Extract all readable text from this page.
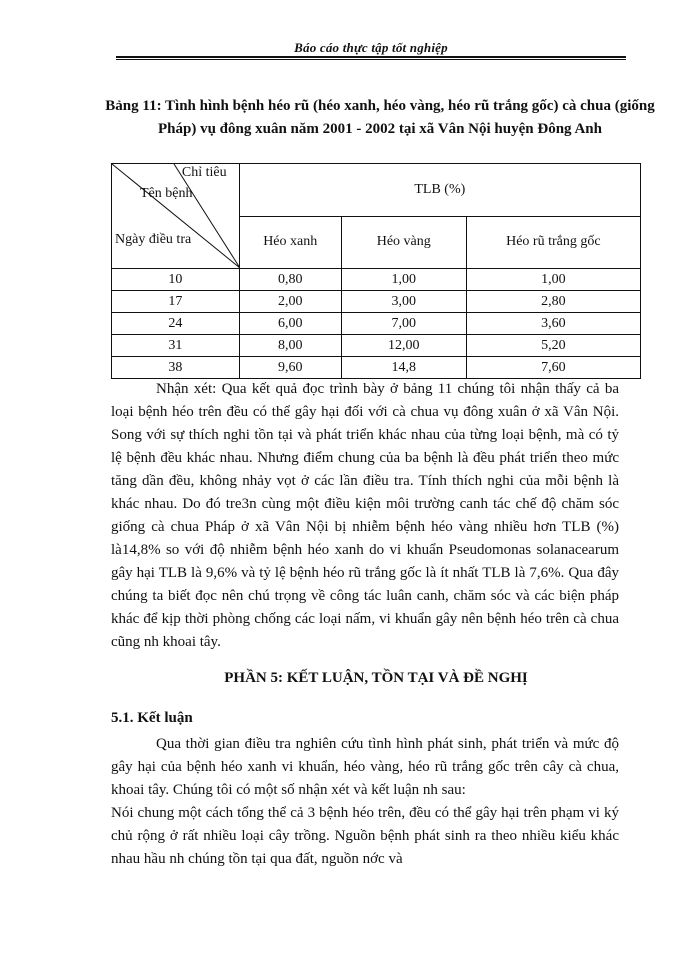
Báo cáo thực tập tốt nghiệp
Bảng 11: Tình hình bệnh héo rũ (héo xanh, héo vàng, héo rũ trắng gốc) cà chua (giống Pháp) vụ đông xuân năm 2001 - 2002 tại xã Vân Nội huyện Đông Anh
Chỉ tiêu
Tên bệnh
Ngày điều tra	TLB (%)		
	Héo xanh	Héo vàng	Héo rũ trắng gốc
10	0,80	1,00	1,00
17	2,00	3,00	2,80
24	6,00	7,00	3,60
31	8,00	12,00	5,20
38	9,60	14,8	7,60

Nhận xét: Qua kết quả đọc trình bày ở bảng 11 chúng tôi nhận thấy cả ba loại bệnh héo trên đều có thể gây hại đối với cà chua vụ đông xuân ở xã Vân Nội. Song với sự thích nghi tồn tại và phát triển khác nhau của từng loại bệnh, mà có tỷ lệ bệnh đều khác nhau. Nhưng điểm chung của ba bệnh là đều phát triển theo mức tăng dần đều, không nhảy vọt ở các lần điều tra. Tính thích nghi của mỗi bệnh là khác nhau. Do đó tre3n cùng một điều kiện môi trường canh tác chế độ chăm sóc giống cà chua Pháp ở xã Vân Nội bị nhiễm bệnh héo vàng nhiều hơn TLB (%) là14,8% so với độ nhiễm bệnh héo xanh do vi khuẩn Pseudomonas solanacearum gây hại TLB là 9,6% và tỷ lệ bệnh héo rũ trắng gốc là ít nhất TLB là 7,6%. Qua đây chúng ta biết đọc nên chú trọng về công tác luân canh, chăm sóc và các biện pháp khác để kịp thời phòng chống các loại nấm, vi khuẩn gây nên bệnh héo trên cà chua cũng nh khoai tây.

PHẦN 5: KẾT LUẬN, TỒN TẠI VÀ ĐỀ NGHỊ
5.1. Kết luận

Qua thời gian điều tra nghiên cứu tình hình phát sinh, phát triển và mức độ gây hại của bệnh héo xanh vi khuẩn, héo vàng, héo rũ trắng gốc trên cây cà chua, khoai tây. Chúng tôi có một số nhận xét và kết luận nh sau:

Nói chung một cách tổng thể cả 3 bệnh héo trên, đều có thể gây hại trên phạm vi ký chủ rộng ở rất nhiều loại cây trồng. Nguồn bệnh phát sinh ra theo nhiều kiểu khác nhau hầu nh chúng tồn tại qua đất, nguồn nớc và
